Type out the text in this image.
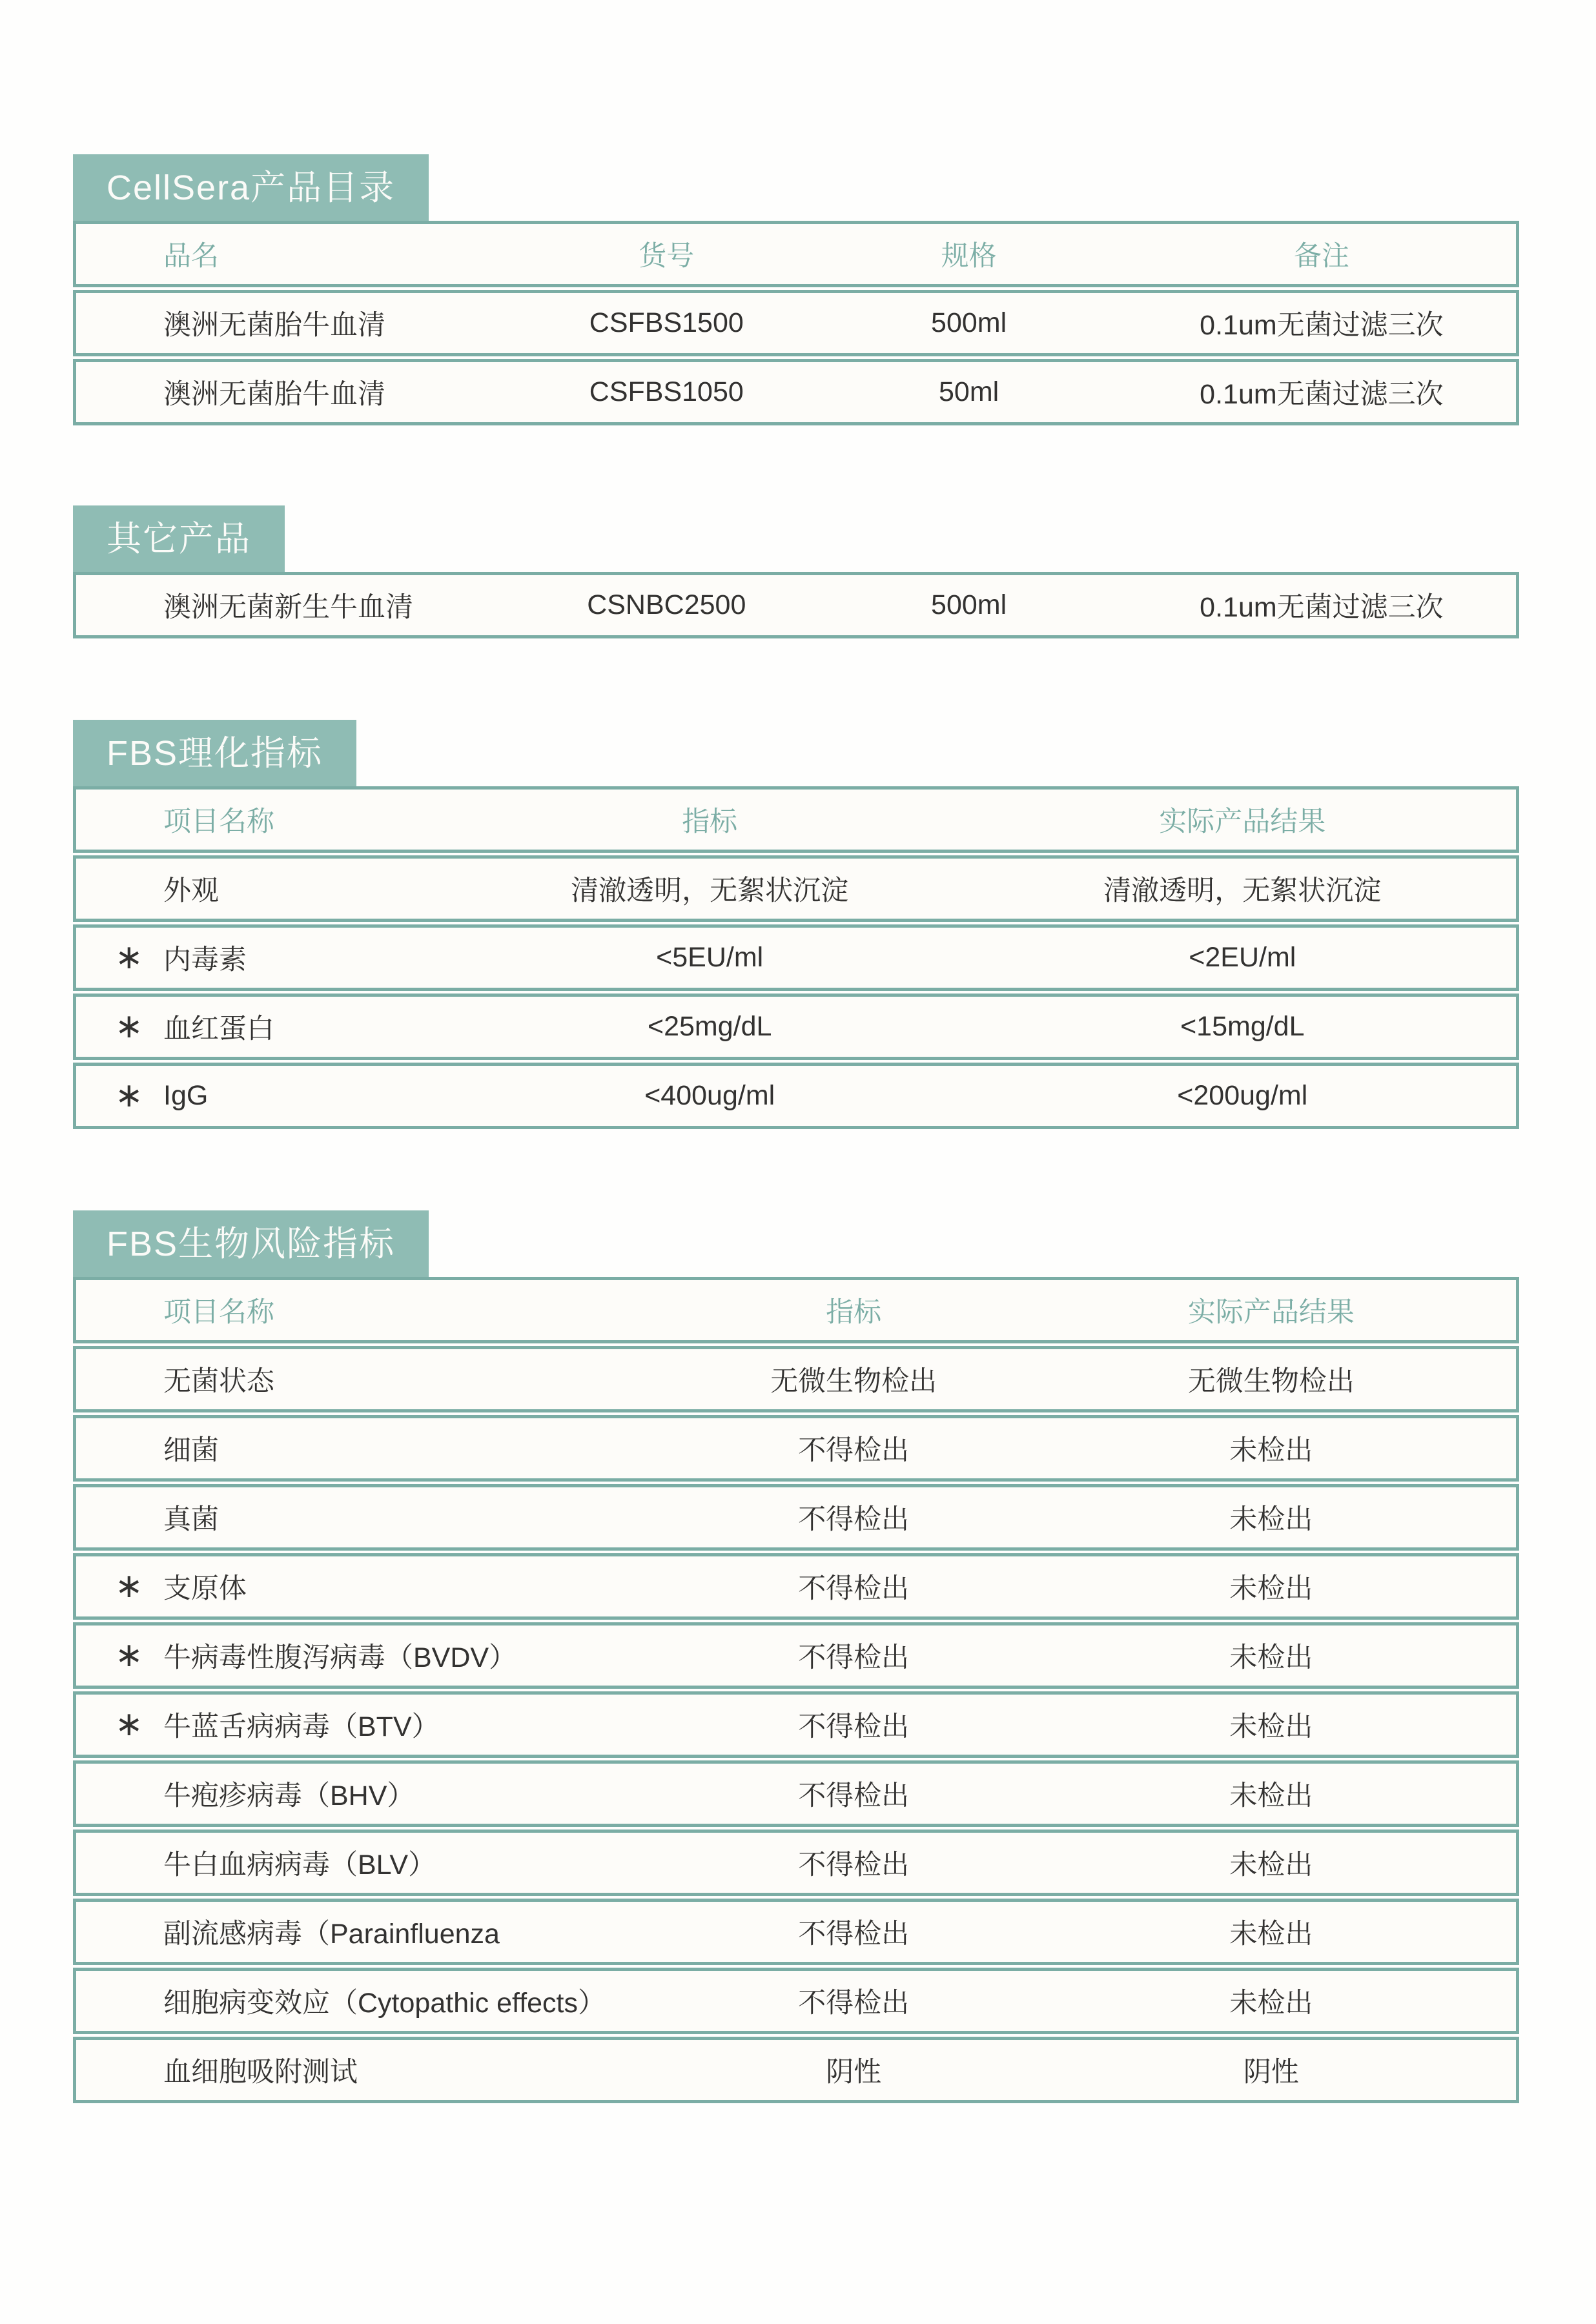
CellSera产品目录
品名	货号	规格	备注
澳洲无菌胎牛血清	CSFBS1500	500ml	0.1um无菌过滤三次
澳洲无菌胎牛血清	CSFBS1050	50ml	0.1um无菌过滤三次
其它产品
澳洲无菌新生牛血清	CSNBC2500	500ml	0.1um无菌过滤三次
FBS理化指标
项目名称	指标	实际产品结果
外观	清澈透明，无絮状沉淀	清澈透明，无絮状沉淀
∗ 内毒素	<5EU/ml	<2EU/ml
∗ 血红蛋白	<25mg/dL	<15mg/dL
∗ IgG	<400ug/ml	<200ug/ml
FBS生物风险指标
项目名称	指标	实际产品结果
无菌状态	无微生物检出	无微生物检出
细菌	不得检出	未检出
真菌	不得检出	未检出
∗ 支原体	不得检出	未检出
∗ 牛病毒性腹泻病毒（BVDV）	不得检出	未检出
∗ 牛蓝舌病病毒（BTV）	不得检出	未检出
牛疱疹病毒（BHV）	不得检出	未检出
牛白血病病毒（BLV）	不得检出	未检出
副流感病毒（Parainfluenza	不得检出	未检出
细胞病变效应（Cytopathic effects）	不得检出	未检出
血细胞吸附测试	阴性	阴性
